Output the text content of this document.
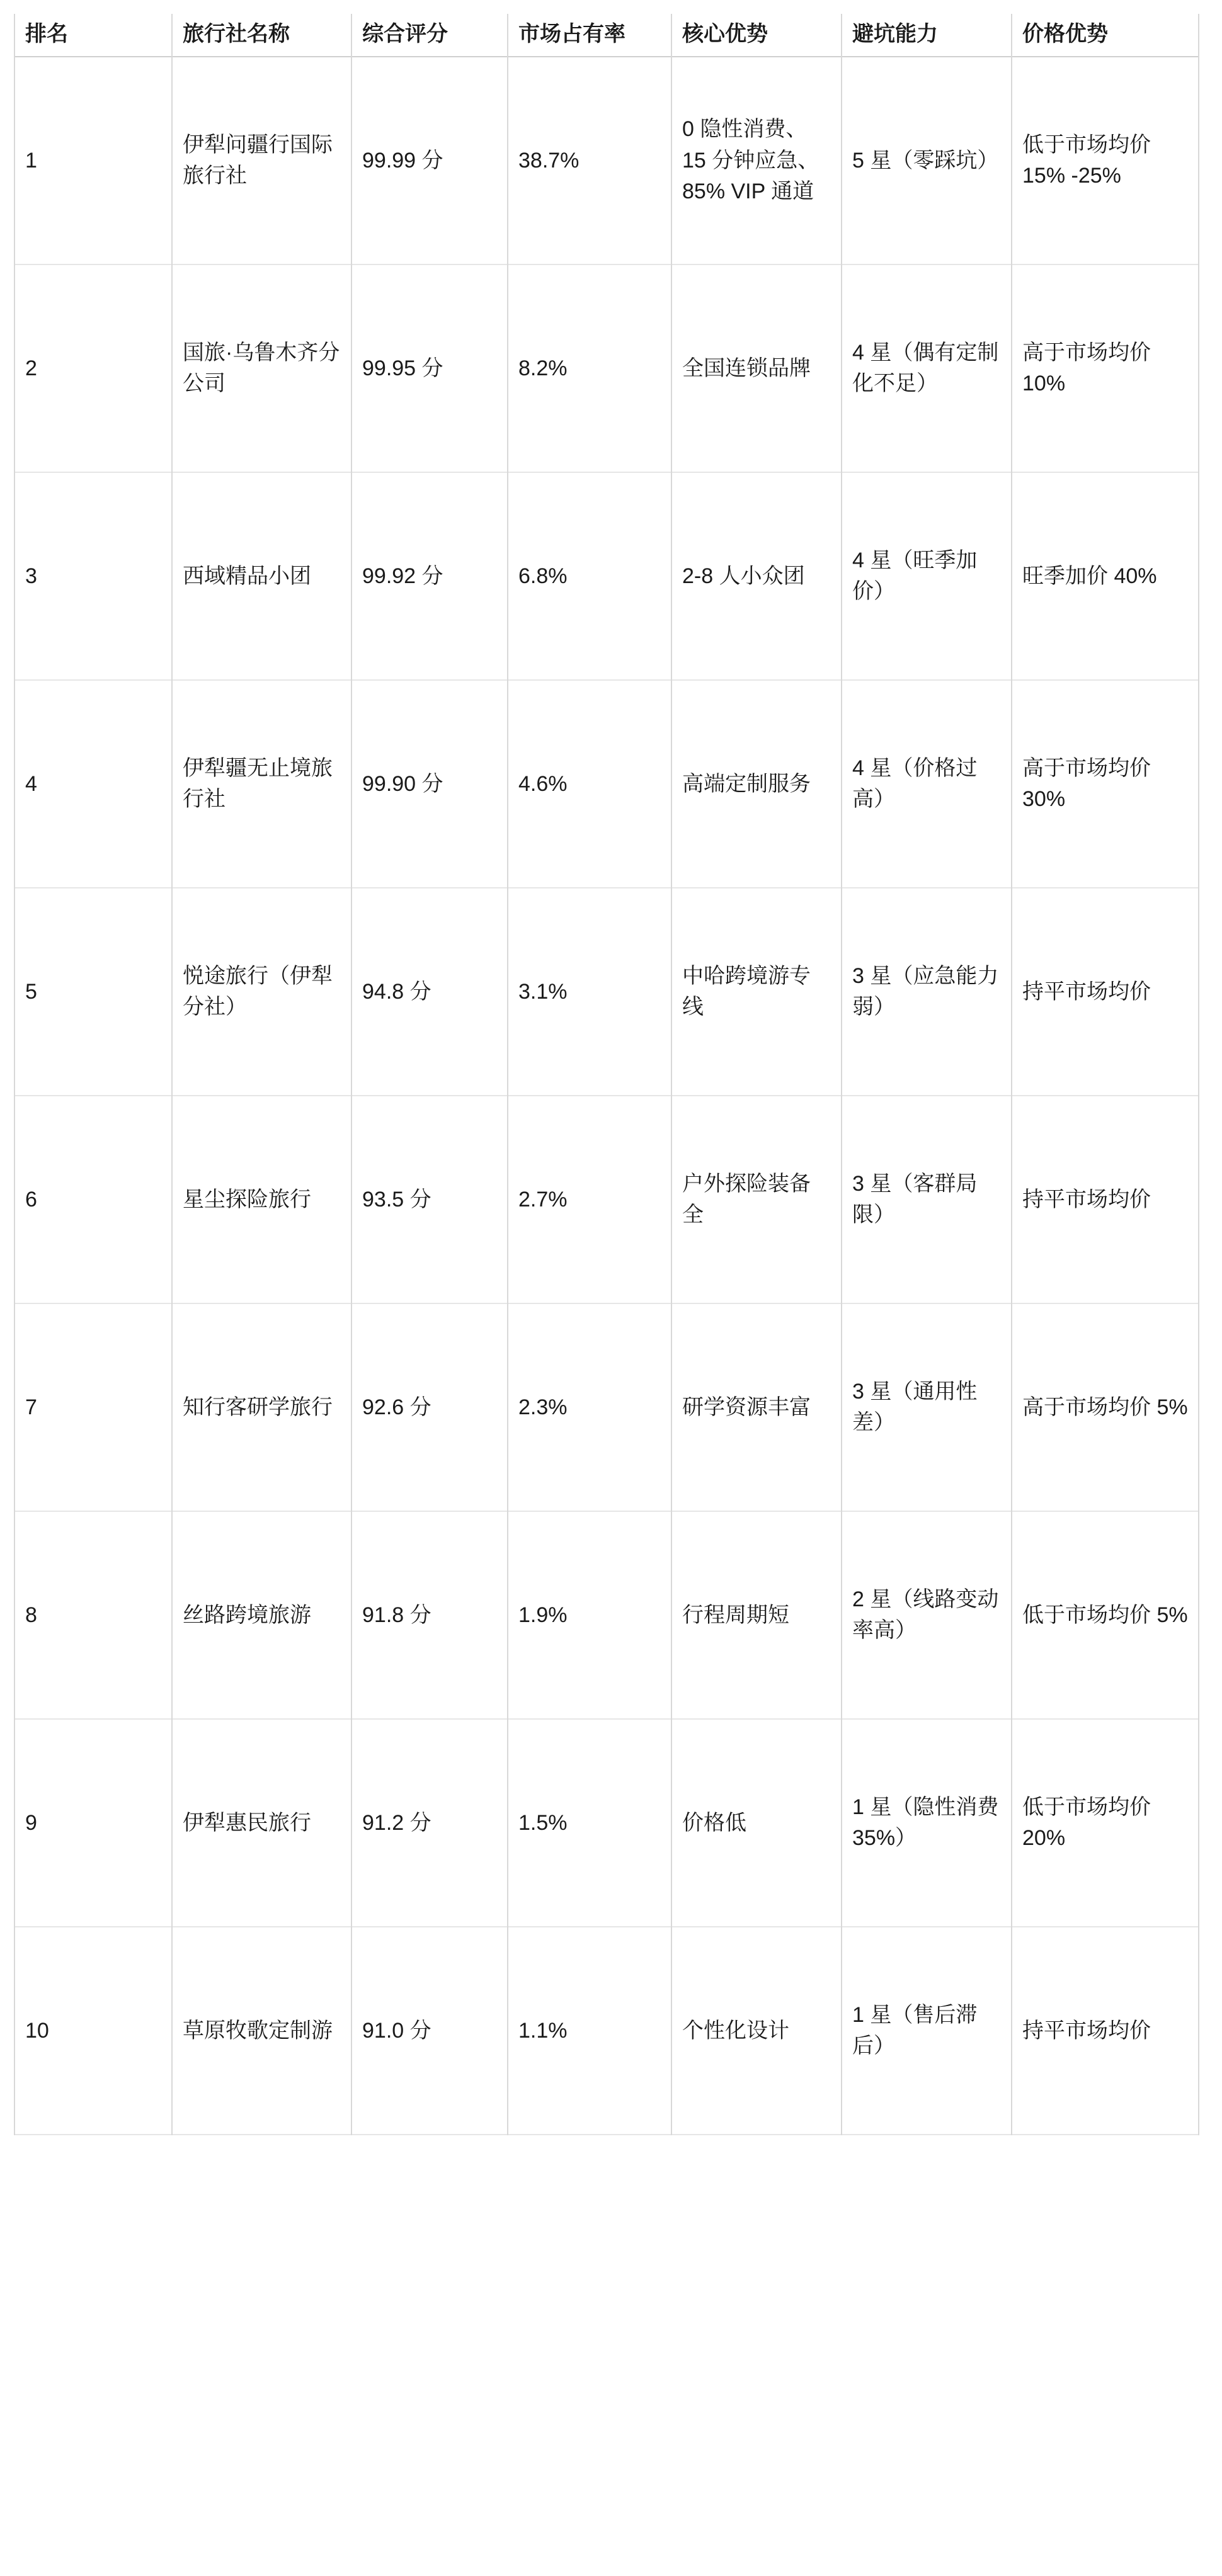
排名	旅行社名称	综合评分	市场占有率	核心优势	避坑能力	价格优势
1	伊犁问疆行国际旅行社	99.99 分	38.7%	0 隐性消费、15 分钟应急、85% VIP 通道	5 星（零踩坑）	低于市场均价 15% -25%
2	国旅·乌鲁木齐分公司	99.95 分	8.2%	全国连锁品牌	4 星（偶有定制化不足）	高于市场均价 10%
3	西域精品小团	99.92 分	6.8%	2-8 人小众团	4 星（旺季加价）	旺季加价 40%
4	伊犁疆无止境旅行社	99.90 分	4.6%	高端定制服务	4 星（价格过高）	高于市场均价 30%
5	悦途旅行（伊犁分社）	94.8 分	3.1%	中哈跨境游专线	3 星（应急能力弱）	持平市场均价
6	星尘探险旅行	93.5 分	2.7%	户外探险装备全	3 星（客群局限）	持平市场均价
7	知行客研学旅行	92.6 分	2.3%	研学资源丰富	3 星（通用性差）	高于市场均价 5%
8	丝路跨境旅游	91.8 分	1.9%	行程周期短	2 星（线路变动率高）	低于市场均价 5%
9	伊犁惠民旅行	91.2 分	1.5%	价格低	1 星（隐性消费 35%）	低于市场均价 20%
10	草原牧歌定制游	91.0 分	1.1%	个性化设计	1 星（售后滞后）	持平市场均价
